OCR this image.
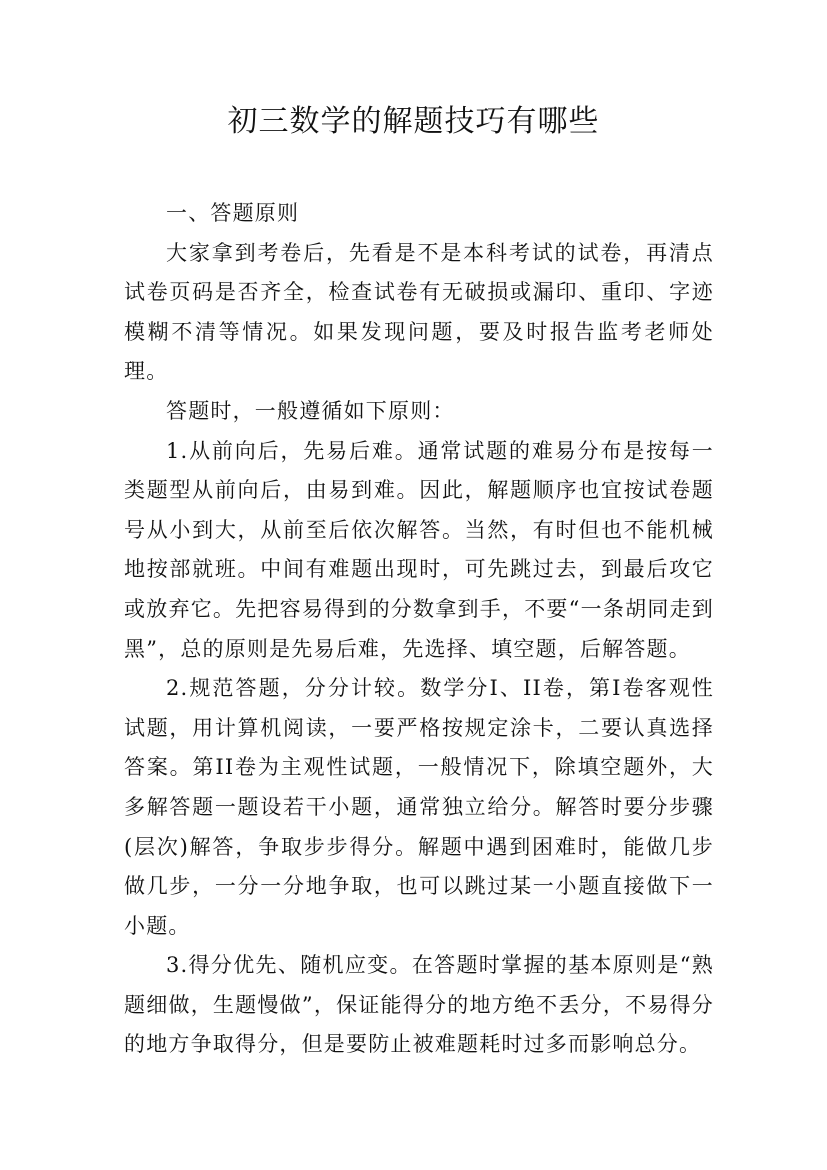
初三数学的解题技巧有哪些

一、答题原则

大家拿到考卷后，先看是不是本科考试的试卷，再清点试卷页码是否齐全，检查试卷有无破损或漏印、重印、字迹模糊不清等情况。如果发现问题，要及时报告监考老师处理。

答题时，一般遵循如下原则：

1.从前向后，先易后难。通常试题的难易分布是按每一类题型从前向后，由易到难。因此，解题顺序也宜按试卷题号从小到大，从前至后依次解答。当然，有时但也不能机械地按部就班。中间有难题出现时，可先跳过去，到最后攻它或放弃它。先把容易得到的分数拿到手，不要“一条胡同走到黑”，总的原则是先易后难，先选择、填空题，后解答题。

2.规范答题，分分计较。数学分I、II卷，第I卷客观性试题，用计算机阅读，一要严格按规定涂卡，二要认真选择答案。第II卷为主观性试题，一般情况下，除填空题外，大多解答题一题设若干小题，通常独立给分。解答时要分步骤(层次)解答，争取步步得分。解题中遇到困难时，能做几步做几步，一分一分地争取，也可以跳过某一小题直接做下一小题。

3.得分优先、随机应变。在答题时掌握的基本原则是“熟题细做，生题慢做”，保证能得分的地方绝不丢分，不易得分的地方争取得分，但是要防止被难题耗时过多而影响总分。
